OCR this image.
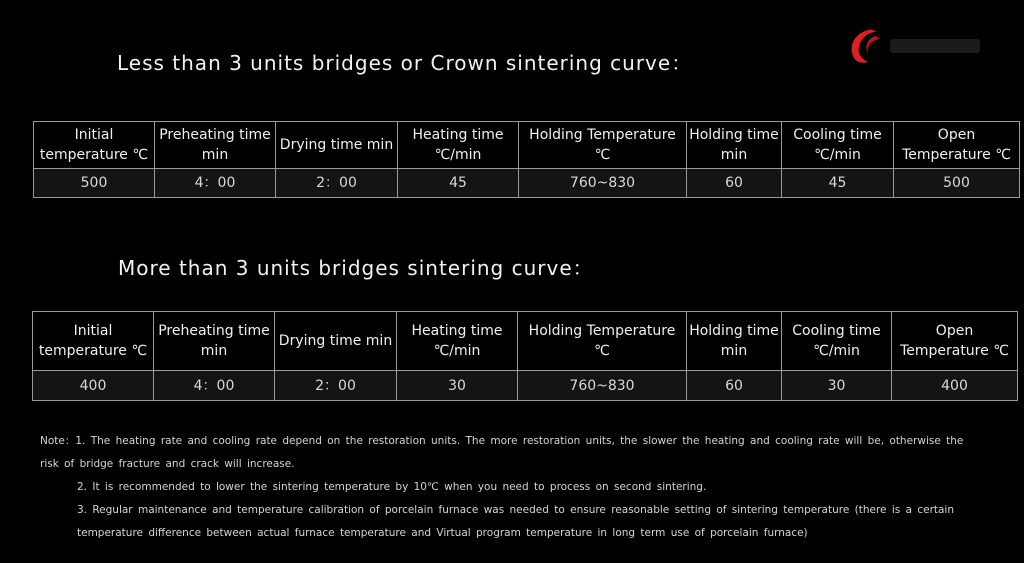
Less than 3 units bridges or Crown sintering curve：
Initial temperature ℃	Preheating time min	Drying time min	Heating time ℃/min	Holding Temperature ℃	Holding time min	Cooling time ℃/min	Open Temperature ℃
500	4：00	2：00	45	760~830	60	45	500
More than 3 units bridges sintering curve：
Initial temperature ℃	Preheating time min	Drying time min	Heating time ℃/min	Holding Temperature ℃	Holding time min	Cooling time ℃/min	Open Temperature ℃
400	4：00	2：00	30	760~830	60	30	400

Note：1. The heating rate and cooling rate depend on the restoration units. The more restoration units, the slower the heating and cooling rate will be, otherwise the risk of bridge fracture and crack will increase.

2. It is recommended to lower the sintering temperature by 10℃ when you need to process on second sintering.

3. Regular maintenance and temperature calibration of porcelain furnace was needed to ensure reasonable setting of sintering temperature (there is a certain temperature difference between actual furnace temperature and Virtual program temperature in long term use of porcelain furnace)
